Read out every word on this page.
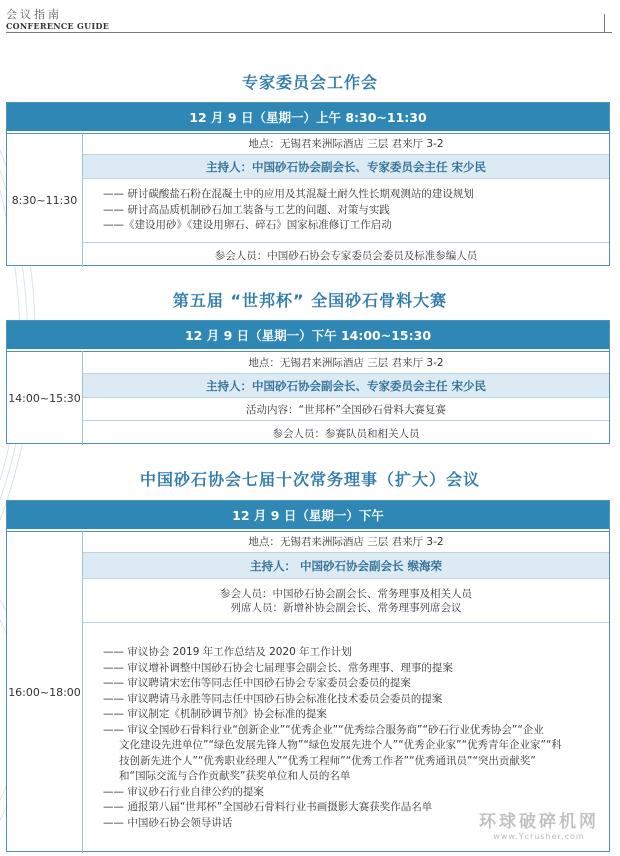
会议指南
CONFERENCE GUIDE
专家委员会工作会
12 月 9 日（星期一）上午 8:30~11:30
8:30~11:30
地点：无锡君来洲际酒店 三层 君来厅 3-2
主持人：中国砂石协会副会长、专家委员会主任 宋少民
—— 研讨碳酸盐石粉在混凝土中的应用及其混凝土耐久性长期观测站的建设规划
—— 研讨高品质机制砂石加工装备与工艺的问题、对策与实践
——《建设用砂》《建设用卵石、碎石》国家标准修订工作启动
参会人员：中国砂石协会专家委员会委员及标准参编人员
第五届 “世邦杯” 全国砂石骨料大赛
12 月 9 日（星期一）下午 14:00~15:30
14:00~15:30
地点：无锡君来洲际酒店 三层 君来厅 3-2
主持人：中国砂石协会副会长、专家委员会主任 宋少民
活动内容：“世邦杯”全国砂石骨料大赛复赛
参会人员：参赛队员和相关人员
中国砂石协会七届十次常务理事（扩大）会议
12 月 9 日（星期一）下午
16:00~18:00
地点：无锡君来洲际酒店 三层 君来厅 3-2
主持人： 中国砂石协会副会长 缑海荣
参会人员：中国砂石协会副会长、常务理事及相关人员
列席人员：新增补协会副会长、常务理事列席会议
—— 审议协会 2019 年工作总结及 2020 年工作计划
—— 审议增补调整中国砂石协会七届理事会副会长、常务理事、理事的提案
—— 审议聘请宋宏伟等同志任中国砂石协会专家委员会委员的提案
—— 审议聘请马永胜等同志任中国砂石协会标准化技术委员会委员的提案
—— 审议制定《机制砂调节剂》协会标准的提案
—— 审议全国砂石骨料行业“创新企业”“优秀企业”“优秀综合服务商”“砂石行业优秀协会”“企业
文化建设先进单位”“绿色发展先锋人物”“绿色发展先进个人”“优秀企业家”“优秀青年企业家”“科
技创新先进个人”“优秀职业经理人”“优秀工程师”“优秀工作者”“优秀通讯员”“突出贡献奖”
和“国际交流与合作贡献奖”获奖单位和人员的名单
—— 审议砂石行业自律公约的提案
—— 通报第八届“世邦杯”全国砂石骨料行业书画摄影大赛获奖作品名单
—— 中国砂石协会领导讲话	环球破碎机网
www.Ycrusher.com
